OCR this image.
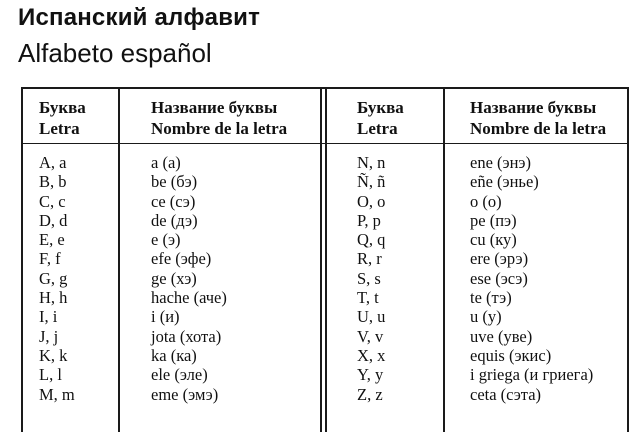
Испанский алфавит
Alfabeto español
Буква
Letra
Название буквы
Nombre de la letra
Буква
Letra
Название буквы
Nombre de la letra
A, a
B, b
C, c
D, d
E, e
F, f
G, g
H, h
I, i
J, j
K, k
L, l
M, m
a (а)
be (бэ)
ce (сэ)
de (дэ)
e (э)
efe (эфе)
ge (хэ)
hache (аче)
i (и)
jota (хота)
ka (ка)
ele (эле)
eme (эмэ)
N, n
Ñ, ñ
O, o
P, p
Q, q
R, r
S, s
T, t
U, u
V, v
X, x
Y, y
Z, z
ene (энэ)
eñe (энье)
o (о)
pe (пэ)
cu (ку)
ere (эрэ)
ese (эсэ)
te (тэ)
u (у)
uve (уве)
equis (экис)
i griega (и гриега)
ceta (сэта)
